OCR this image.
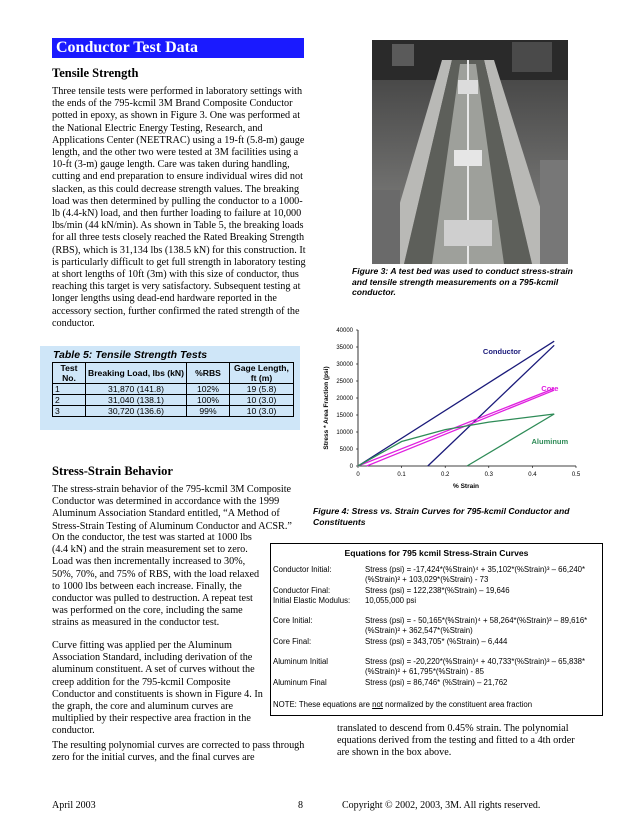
Conductor Test Data
Tensile Strength
Three tensile tests were performed in laboratory settings with the ends of the 795-kcmil 3M Brand Composite Conductor potted in epoxy, as shown in Figure 3. One was performed at the National Electric Energy Testing, Research, and Applications Center (NEETRAC) using a 19-ft (5.8-m) gauge length, and the other two were tested at 3M facilities using a 10-ft (3-m) gauge length. Care was taken during handling, cutting and end preparation to ensure individual wires did not slacken, as this could decrease strength values. The breaking load was then determined by pulling the conductor to a 1000-lb (4.4-kN) load, and then further loading to failure at 10,000 lbs/min (44 kN/min). As shown in Table 5, the breaking loads for all three tests closely reached the Rated Breaking Strength (RBS), which is 31,134 lbs (138.5 kN) for this construction. It is particularly difficult to get full strength in laboratory testing at short lengths of 10ft (3m) with this size of conductor, thus reaching this target is very satisfactory. Subsequent testing at longer lengths using dead-end hardware reported in the accessory section, further confirmed the rated strength of the conductor.
Figure 3: A test bed was used to conduct stress-strain and tensile strength measurements on a 795-kcmil conductor.
Table 5: Tensile Strength Tests
Test No.	Breaking Load, lbs (kN)	%RBS	Gage Length, ft (m)
1	31,870 (141.8)	102%	19 (5.8)
2	31,040 (138.1)	100%	10 (3.0)
3	30,720 (136.6)	99%	10 (3.0)
0
5000
10000
15000
20000
25000
30000
35000
40000
0	0.1	0.2	0.3	0.4	0.5
Conductor
Core
Aluminum
Stress * Area Fraction (psi)
% Strain
Figure 4: Stress vs. Strain Curves for 795-kcmil Conductor and Constituents
Stress-Strain Behavior
The stress-strain behavior of the 795-kcmil 3M Composite Conductor was determined in accordance with the 1999 Aluminum Association Standard entitled, “A Method of Stress-Strain Testing of Aluminum Conductor and ACSR.”
On the conductor, the test was started at 1000 lbs (4.4 kN) and the strain measurement set to zero. Load was then incrementally increased to 30%, 50%, 70%, and 75% of RBS, with the load relaxed to 1000 lbs between each increase. Finally, the conductor was pulled to destruction. A repeat test was performed on the core, including the same strains as measured in the conductor test.
Curve fitting was applied per the Aluminum Association Standard, including derivation of the aluminum constituent. A set of curves without the creep addition for the 795-kcmil Composite Conductor and constituents is shown in Figure 4. In the graph, the core and aluminum curves are multiplied by their respective area fraction in the conductor.
The resulting polynomial curves are corrected to pass through zero for the initial curves, and the final curves are
translated to descend from 0.45% strain. The polynomial equations derived from the testing and fitted to a 4th order are shown in the box above.
Equations for 795 kcmil Stress-Strain Curves
Conductor Initial:	Stress (psi) = -17,424*(%Strain)⁴ + 35,102*(%Strain)³ – 66,240*(%Strain)² + 103,029*(%Strain) - 73
Conductor Final:	Stress (psi) = 122,238*(%Strain) – 19,646
Initial Elastic Modulus:	10,055,000 psi
Core Initial:	Stress (psi) = - 50,165*(%Strain)⁴ + 58,264*(%Strain)³ – 89,616*(%Strain)² + 362,547*(%Strain)
Core Final:	Stress (psi) = 343,705* (%Strain) – 6,444
Aluminum Initial	Stress (psi) = -20,220*(%Strain)⁴ + 40,733*(%Strain)³ – 65,838*(%Strain)² + 61,795*(%Strain) - 85
Aluminum Final	Stress (psi) = 86,746* (%Strain) – 21,762
NOTE: These equations are not normalized by the constituent area fraction
April 2003	8	Copyright © 2002, 2003, 3M. All rights reserved.
